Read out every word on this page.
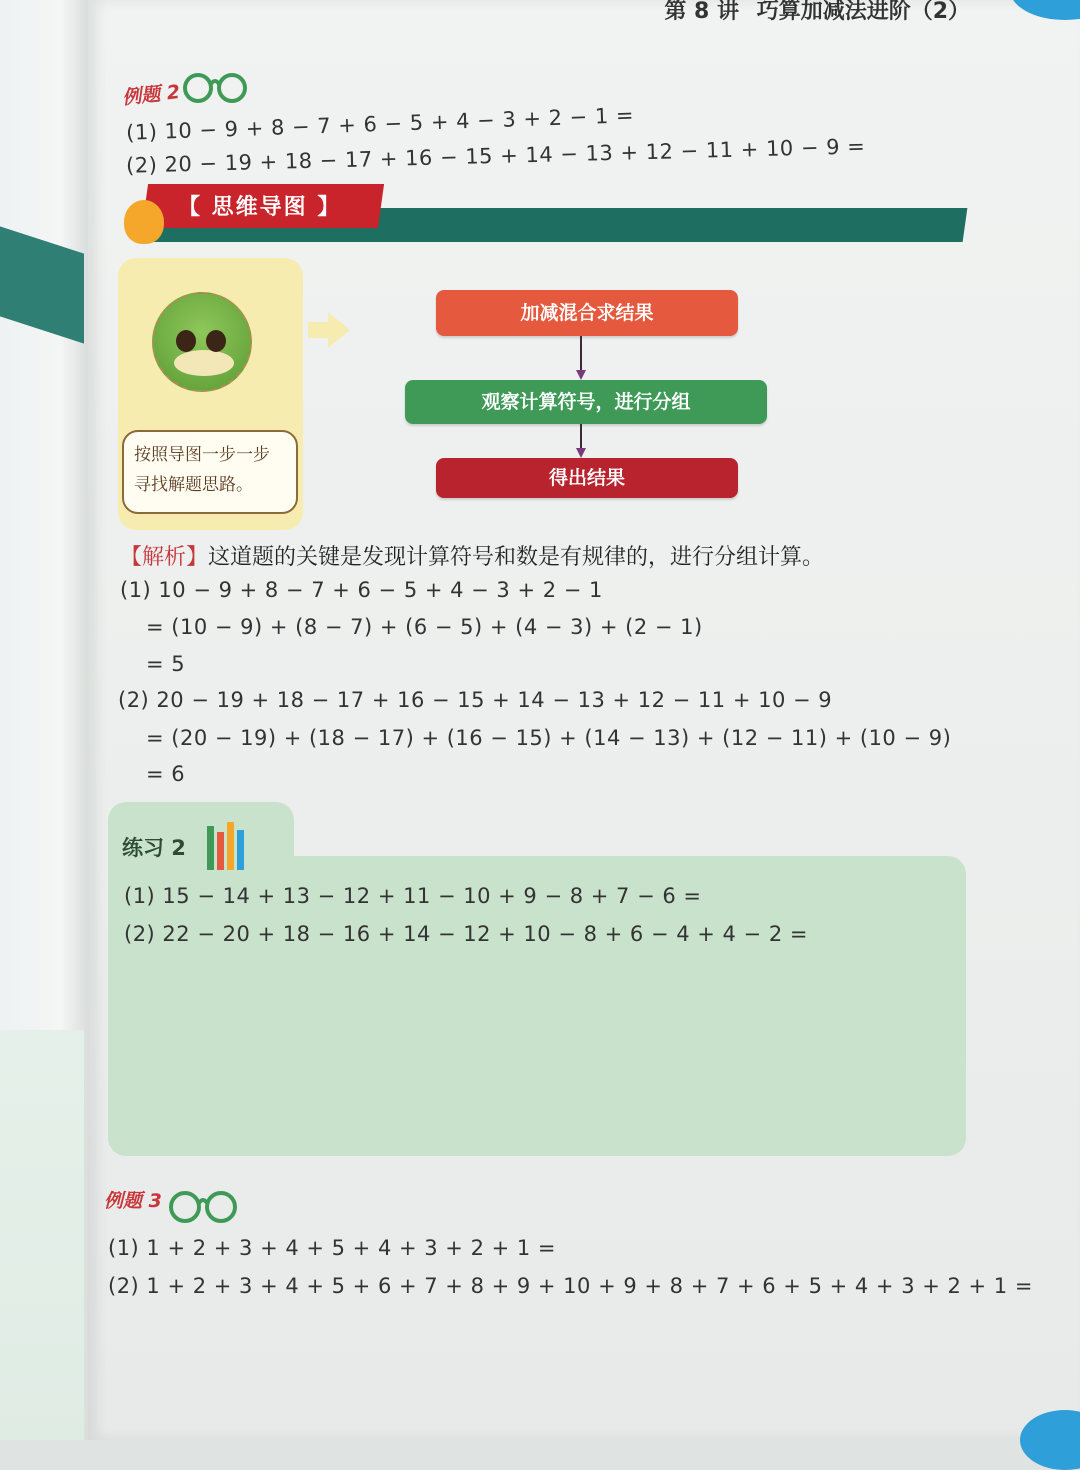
第 8 讲 巧算加减法进阶（2）
例题 2
(1) 10 − 9 + 8 − 7 + 6 − 5 + 4 − 3 + 2 − 1 =
(2) 20 − 19 + 18 − 17 + 16 − 15 + 14 − 13 + 12 − 11 + 10 − 9 =
【 思维导图 】
按照导图一步一步
寻找解题思路。
加减混合求结果
观察计算符号，进行分组
得出结果
【解析】这道题的关键是发现计算符号和数是有规律的，进行分组计算。
(1) 10 − 9 + 8 − 7 + 6 − 5 + 4 − 3 + 2 − 1
= (10 − 9) + (8 − 7) + (6 − 5) + (4 − 3) + (2 − 1)
= 5
(2) 20 − 19 + 18 − 17 + 16 − 15 + 14 − 13 + 12 − 11 + 10 − 9
= (20 − 19) + (18 − 17) + (16 − 15) + (14 − 13) + (12 − 11) + (10 − 9)
= 6
练习 2
(1) 15 − 14 + 13 − 12 + 11 − 10 + 9 − 8 + 7 − 6 =
(2) 22 − 20 + 18 − 16 + 14 − 12 + 10 − 8 + 6 − 4 + 4 − 2 =
例题 3
(1) 1 + 2 + 3 + 4 + 5 + 4 + 3 + 2 + 1 =
(2) 1 + 2 + 3 + 4 + 5 + 6 + 7 + 8 + 9 + 10 + 9 + 8 + 7 + 6 + 5 + 4 + 3 + 2 + 1 =
